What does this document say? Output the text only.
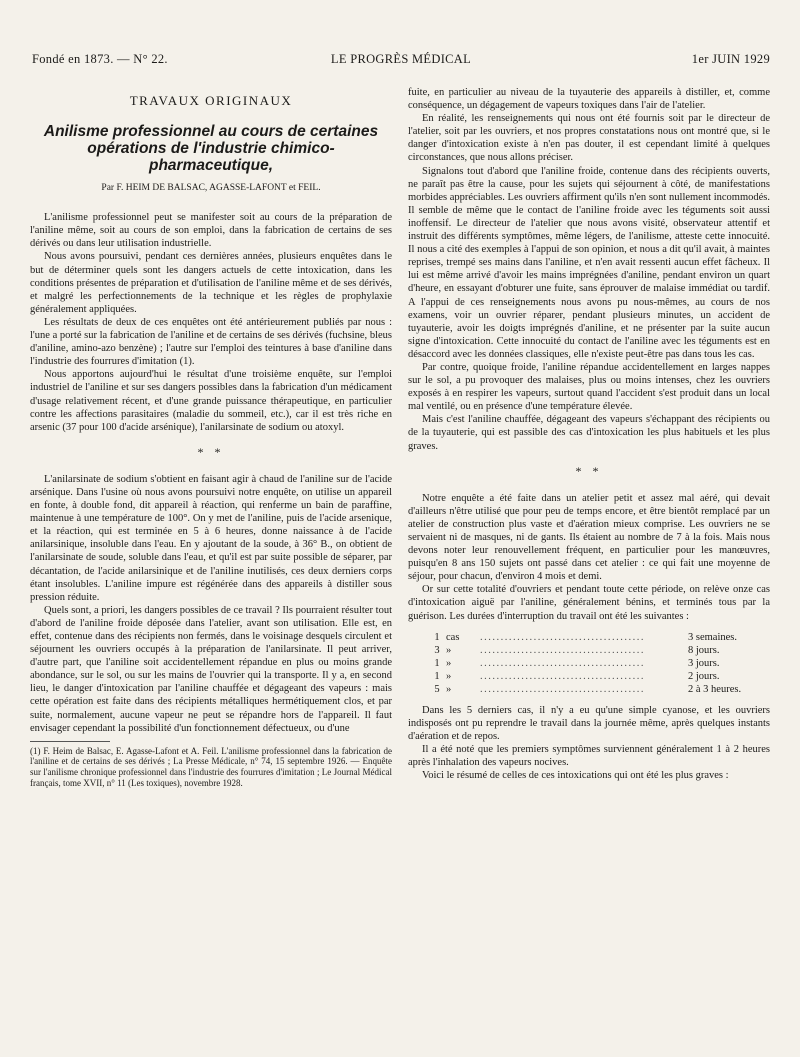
LE PROGRÈS MÉDICAL
Fondé en 1873. — N° 22.	1er JUIN 1929
TRAVAUX ORIGINAUX
Anilisme professionnel au cours de certaines opérations de l'industrie chimico-pharmaceutique,
Par F. HEIM DE BALSAC, AGASSE-LAFONT et FEIL.

L'anilisme professionnel peut se manifester soit au cours de la préparation de l'aniline même, soit au cours de son emploi, dans la fabrication de certains de ses dérivés ou dans leur utilisation industrielle.

Nous avons poursuivi, pendant ces dernières années, plusieurs enquêtes dans le but de déterminer quels sont les dangers actuels de cette intoxication, dans les conditions présentes de préparation et d'utilisation de l'aniline même et de ses dérivés, et malgré les perfectionnements de la technique et les règles de prophylaxie généralement appliquées.

Les résultats de deux de ces enquêtes ont été antérieurement publiés par nous : l'une a porté sur la fabrication de l'aniline et de certains de ses dérivés (fuchsine, bleus d'aniline, amino-azo benzène) ; l'autre sur l'emploi des teintures à base d'aniline dans l'industrie des fourrures d'imitation (1).

Nous apportons aujourd'hui le résultat d'une troisième enquête, sur l'emploi industriel de l'aniline et sur ses dangers possibles dans la fabrication d'un médicament d'usage relativement récent, et d'une grande puissance thérapeutique, en particulier contre les affections parasitaires (maladie du sommeil, etc.), car il est très riche en arsenic (37 pour 100 d'acide arsénique), l'anilarsinate de sodium ou atoxyl.

* *

L'anilarsinate de sodium s'obtient en faisant agir à chaud de l'aniline sur de l'acide arsénique. Dans l'usine où nous avons poursuivi notre enquête, on utilise un appareil en fonte, à double fond, dit appareil à réaction, qui renferme un bain de paraffine, maintenue à une température de 100°. On y met de l'aniline, puis de l'acide arsenique, et la réaction, qui est terminée en 5 à 6 heures, donne naissance à de l'acide anilarsinique, insoluble dans l'eau. En y ajoutant de la soude, à 36° B., on obtient de l'anilarsinate de soude, soluble dans l'eau, et qu'il est par suite possible de séparer, par décantation, de l'acide anilarsinique et de l'aniline inutilisés, ces deux derniers corps étant insolubles. L'aniline impure est régénérée dans des appareils à distiller sous pression réduite.

Quels sont, a priori, les dangers possibles de ce travail ? Ils pourraient résulter tout d'abord de l'aniline froide déposée dans l'atelier, avant son utilisation. Elle est, en effet, contenue dans des récipients non fermés, dans le voisinage desquels circulent et séjournent les ouvriers occupés à la préparation de l'anilarsinate. Il peut arriver, d'autre part, que l'aniline soit accidentellement répandue en plus ou moins grande abondance, sur le sol, ou sur les mains de l'ouvrier qui la transporte. Il y a, en second lieu, le danger d'intoxication par l'aniline chauffée et dégageant des vapeurs : mais cette opération est faite dans des récipients métalliques hermétiquement clos, et par suite, normalement, aucune vapeur ne peut se répandre hors de l'appareil. Il faut envisager cependant la possibilité d'un fonctionnement défectueux, ou d'une

(1) F. Heim de Balsac, E. Agasse-Lafont et A. Feil. L'anilisme professionnel dans la fabrication de l'aniline et de certains de ses dérivés ; La Presse Médicale, n° 74, 15 septembre 1926. — Enquête sur l'anilisme chronique professionnel dans l'industrie des fourrures d'imitation ; Le Journal Médical français, tome XVII, n° 11 (Les toxiques), novembre 1928.

fuite, en particulier au niveau de la tuyauterie des appareils à distiller, et, comme conséquence, un dégagement de vapeurs toxiques dans l'air de l'atelier.

En réalité, les renseignements qui nous ont été fournis soit par le directeur de l'atelier, soit par les ouvriers, et nos propres constatations nous ont montré que, si le danger d'intoxication existe à n'en pas douter, il est cependant limité à quelques circonstances, que nous allons préciser.

Signalons tout d'abord que l'aniline froide, contenue dans des récipients ouverts, ne paraît pas être la cause, pour les sujets qui séjournent à côté, de manifestations morbides appréciables. Les ouvriers affirment qu'ils n'en sont nullement incommodés. Il semble de même que le contact de l'aniline froide avec les téguments soit aussi inoffensif. Le directeur de l'atelier que nous avons visité, observateur attentif et instruit des différents symptômes, même légers, de l'anilisme, atteste cette innocuité. Il nous a cité des exemples à l'appui de son opinion, et nous a dit qu'il avait, à maintes reprises, trempé ses mains dans l'aniline, et n'en avait ressenti aucun effet fâcheux. Il lui est même arrivé d'avoir les mains imprégnées d'aniline, pendant environ un quart d'heure, en essayant d'obturer une fuite, sans éprouver de malaise immédiat ou tardif. A l'appui de ces renseignements nous avons pu nous-mêmes, au cours de nos examens, voir un ouvrier réparer, pendant plusieurs minutes, un accident de tuyauterie, avoir les doigts imprégnés d'aniline, et ne présenter par la suite aucun signe d'intoxication. Cette innocuité du contact de l'aniline avec les téguments est en désaccord avec les données classiques, elle n'existe peut-être pas dans tous les cas.

Par contre, quoique froide, l'aniline répandue accidentellement en larges nappes sur le sol, a pu provoquer des malaises, plus ou moins intenses, chez les ouvriers exposés à en respirer les vapeurs, surtout quand l'accident s'est produit dans un local mal ventilé, ou en présence d'une température élevée.

Mais c'est l'aniline chauffée, dégageant des vapeurs s'échappant des récipients ou de la tuyauterie, qui est passible des cas d'intoxication les plus habituels et les plus graves.

* *

Notre enquête a été faite dans un atelier petit et assez mal aéré, qui devait d'ailleurs n'être utilisé que pour peu de temps encore, et être bientôt remplacé par un atelier de construction plus vaste et d'aération mieux comprise. Les ouvriers ne se servaient ni de masques, ni de gants. Ils étaient au nombre de 7 à la fois. Mais nous devons noter leur renouvellement fréquent, en particulier pour les manœuvres, puisqu'en 8 ans 150 sujets ont passé dans cet atelier : ce qui fait une moyenne de séjour, pour chacun, d'environ 4 mois et demi.

Or sur cette totalité d'ouvriers et pendant toute cette période, on relève onze cas d'intoxication aiguë par l'aniline, généralement bénins, et terminés tous par la guérison. Les durées d'interruption du travail ont été les suivantes :

1	cas	........................................	3 semaines.
3	»	........................................	8 jours.
1	»	........................................	3 jours.
1	»	........................................	2 jours.
5	»	........................................	2 à 3 heures.

Dans les 5 derniers cas, il n'y a eu qu'une simple cyanose, et les ouvriers indisposés ont pu reprendre le travail dans la journée même, après quelques instants d'aération et de repos.

Il a été noté que les premiers symptômes surviennent généralement 1 à 2 heures après l'inhalation des vapeurs nocives.

Voici le résumé de celles de ces intoxications qui ont été les plus graves :
